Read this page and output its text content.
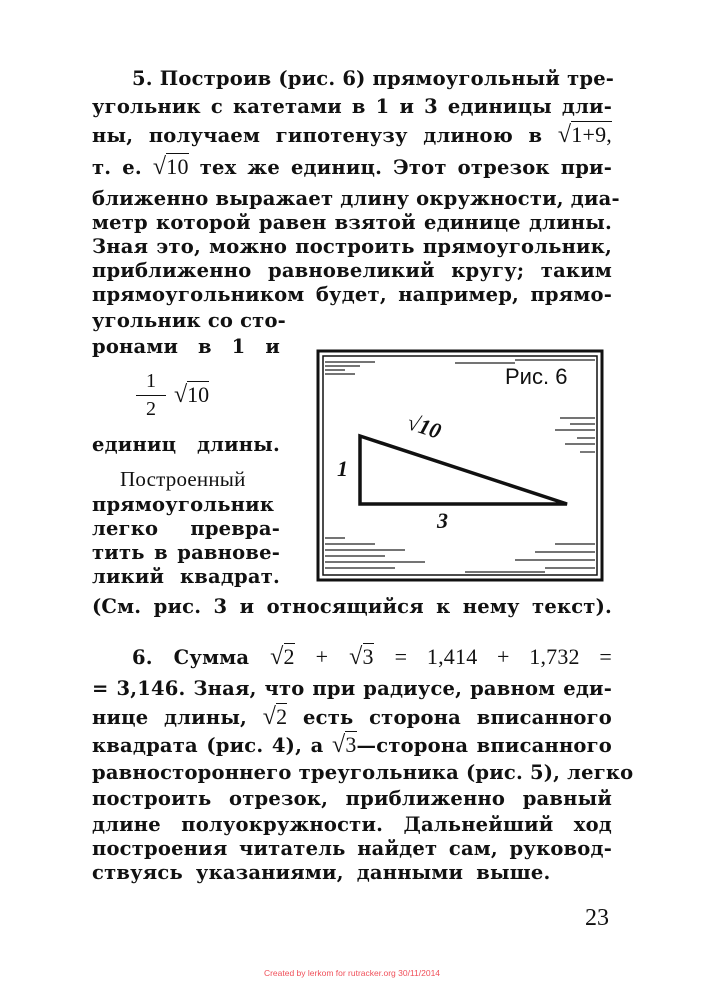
5. Построив (рис. 6) прямоугольный тре-
угольник с катетами в 1 и 3 единицы дли-
ны, получаем гипотенузу длиною в √1+9,
т. е. √10 тех же единиц. Этот отрезок при-
ближенно выражает длину окружности, диа-
метр которой равен взятой единице длины.
Зная это, можно построить прямоугольник,
приближенно равновеликий кругу; таким
прямоугольником будет, например, прямо-
угольник со сто-
ронами в 1 и
1
2
√10
единиц длины.
Построенный
прямоугольник
легко превра-
тить в равнове-
ликий квадрат.
(См. рис. 3 и относящийся к нему текст).
Рис. 6
1
3
√10
6. Сумма √2 + √3 = 1,414 + 1,732 =
= 3,146. Зная, что при радиусе, равном еди-
нице длины, √2 есть сторона вписанного
квадрата (рис. 4), а √3—сторона вписанного
равностороннего треугольника (рис. 5), легко
построить отрезок, приближенно равный
длине полуокружности. Дальнейший ход
построения читатель найдет сам, руковод-
ствуясь указаниями, данными выше.
23
Created by lerkom for rutracker.org 30/11/2014
